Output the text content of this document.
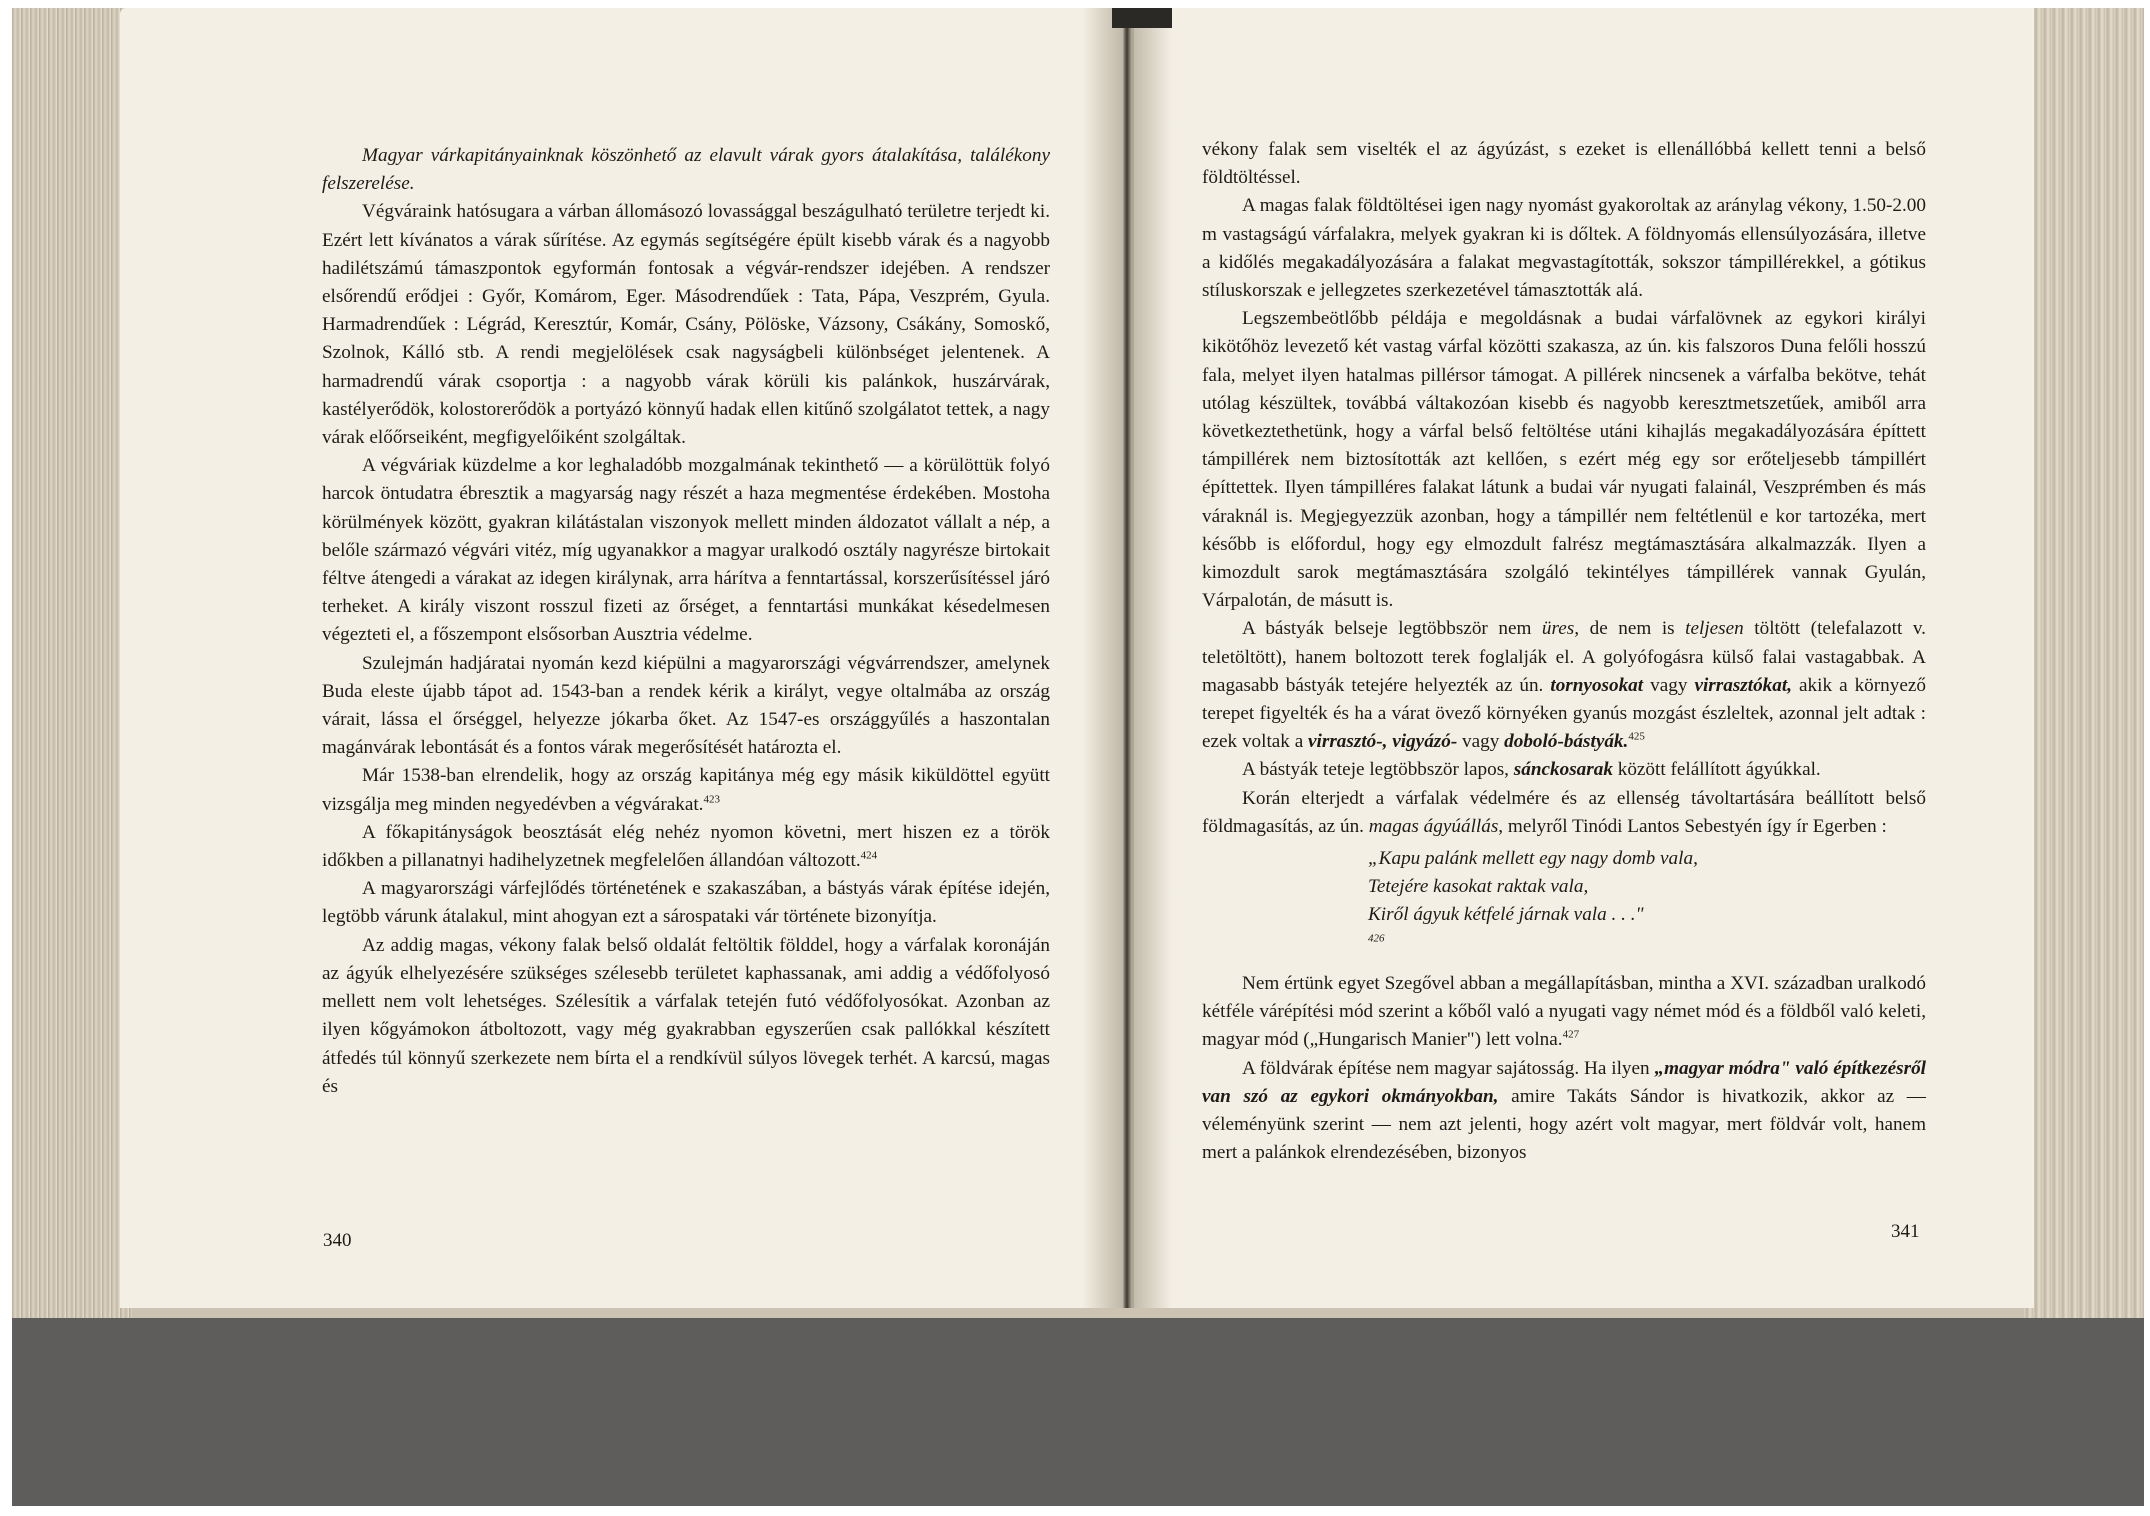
Magyar várkapitányainknak köszönhető az elavult várak gyors átalakítása, találékony felszerelése.

Végváraink hatósugara a várban állomásozó lovassággal beszágulható területre terjedt ki. Ezért lett kívánatos a várak sűrítése. Az egymás segítségére épült kisebb várak és a nagyobb hadilétszámú támaszpontok egyformán fontosak a végvár-rendszer idejében. A rendszer elsőrendű erődjei : Győr, Komárom, Eger. Másodrendűek : Tata, Pápa, Veszprém, Gyula. Harmadrendűek : Légrád, Keresztúr, Komár, Csány, Pölöske, Vázsony, Csákány, Somoskő, Szolnok, Kálló stb. A rendi megjelölések csak nagyságbeli különbséget jelentenek. A harmadrendű várak csoportja : a nagyobb várak körüli kis palánkok, huszárvárak, kastélyerődök, kolostorerődök a portyázó könnyű hadak ellen kitűnő szolgálatot tettek, a nagy várak előőrseiként, megfigyelőiként szolgáltak.

A végváriak küzdelme a kor leghaladóbb mozgalmának tekinthető — a körülöttük folyó harcok öntudatra ébresztik a magyarság nagy részét a haza megmentése érdekében. Mostoha körülmények között, gyakran kilátástalan viszonyok mellett minden áldozatot vállalt a nép, a belőle származó végvári vitéz, míg ugyanakkor a magyar uralkodó osztály nagyrésze birtokait féltve átengedi a várakat az idegen királynak, arra hárítva a fenntartással, korszerűsítéssel járó terheket. A király viszont rosszul fizeti az őrséget, a fenntartási munkákat késedelmesen végezteti el, a főszempont elsősorban Ausztria védelme.

Szulejmán hadjáratai nyomán kezd kiépülni a magyarországi végvárrendszer, amelynek Buda eleste újabb tápot ad. 1543-ban a rendek kérik a királyt, vegye oltalmába az ország várait, lássa el őrséggel, helyezze jókarba őket. Az 1547-es országgyűlés a haszontalan magánvárak lebontását és a fontos várak megerősítését határozta el.

Már 1538-ban elrendelik, hogy az ország kapitánya még egy másik kiküldöttel együtt vizsgálja meg minden negyedévben a végvárakat.$^{423}$

A főkapitányságok beosztását elég nehéz nyomon követni, mert hiszen ez a török időkben a pillanatnyi hadihelyzetnek megfelelően állandóan változott.$^{424}$

A magyarországi várfejlődés történetének e szakaszában, a bástyás várak építése idején, legtöbb várunk átalakul, mint ahogyan ezt a sárospataki vár története bizonyítja.

Az addig magas, vékony falak belső oldalát feltöltik földdel, hogy a várfalak koronáján az ágyúk elhelyezésére szükséges szélesebb területet kaphassanak, ami addig a védőfolyosó mellett nem volt lehetséges. Szélesítik a várfalak tetején futó védőfolyosókat. Azonban az ilyen kőgyámokon átboltozott, vagy még gyakrabban egyszerűen csak pallókkal készített átfedés túl könnyű szerkezete nem bírta el a rendkívül súlyos lövegek terhét. A karcsú, magas és

340

vékony falak sem viselték el az ágyúzást, s ezeket is ellenállóbbá kellett tenni a belső földtöltéssel.

A magas falak földtöltései igen nagy nyomást gyakoroltak az aránylag vékony, 1.50-2.00 m vastagságú várfalakra, melyek gyakran ki is dőltek. A földnyomás ellensúlyozására, illetve a kidőlés megakadályozására a falakat megvastagították, sokszor támpillérekkel, a gótikus stíluskorszak e jellegzetes szerkezetével támasztották alá.

Legszembeötlőbb példája e megoldásnak a budai várfalövnek az egykori királyi kikötőhöz levezető két vastag várfal közötti szakasza, az ún. kis falszoros Duna felőli hosszú fala, melyet ilyen hatalmas pillérsor támogat. A pillérek nincsenek a várfalba bekötve, tehát utólag készültek, továbbá váltakozóan kisebb és nagyobb keresztmetszetűek, amiből arra következtethetünk, hogy a várfal belső feltöltése utáni kihajlás megakadályozására építtett támpillérek nem biztosították azt kellően, s ezért még egy sor erőteljesebb támpillért építtettek. Ilyen támpilléres falakat látunk a budai vár nyugati falainál, Veszprémben és más váraknál is. Megjegyezzük azonban, hogy a támpillér nem feltétlenül e kor tartozéka, mert később is előfordul, hogy egy elmozdult falrész megtámasztására alkalmazzák. Ilyen a kimozdult sarok megtámasztására szolgáló tekintélyes támpillérek vannak Gyulán, Várpalotán, de másutt is.

A bástyák belseje legtöbbször nem üres, de nem is teljesen töltött (telefalazott v. teletöltött), hanem boltozott terek foglalják el. A golyófogásra külső falai vastagabbak. A magasabb bástyák tetejére helyezték az ún. tornyosokat vagy virrasztókat, akik a környező terepet figyelték és ha a várat övező környéken gyanús mozgást észleltek, azonnal jelt adtak : ezek voltak a virrasztó-, vigyázó- vagy doboló-bástyák.$^{425}$

A bástyák teteje legtöbbször lapos, sánckosarak között felállított ágyúkkal.

Korán elterjedt a várfalak védelmére és az ellenség távoltartására beállított belső földmagasítás, az ún. magas ágyúállás, melyről Tinódi Lantos Sebestyén így ír Egerben :

„Kapu palánk mellett egy nagy domb vala,
Tetejére kasokat raktak vala,
Kiről ágyuk kétfelé járnak vala . . ."
$^{426}$

Nem értünk egyet Szegővel abban a megállapításban, mintha a XVI. században uralkodó kétféle várépítési mód szerint a kőből való a nyugati vagy német mód és a földből való keleti, magyar mód („Hungarisch Manier") lett volna.$^{427}$

A földvárak építése nem magyar sajátosság. Ha ilyen „magyar módra" való építkezésről van szó az egykori okmányokban, amire Takáts Sándor is hivatkozik, akkor az — véleményünk szerint — nem azt jelenti, hogy azért volt magyar, mert földvár volt, hanem mert a palánkok elrendezésében, bizonyos

341
